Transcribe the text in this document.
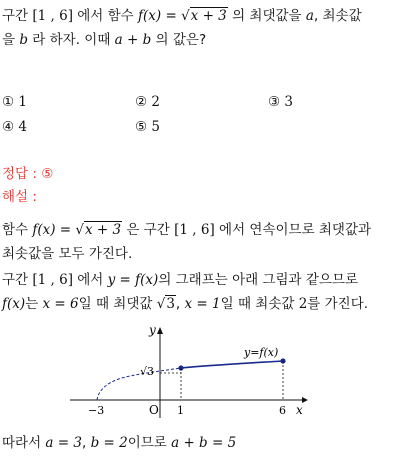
구간 [1 , 6] 에서 함수 f(x) = √x + 3 의 최댓값을 a, 최솟값
을 b 라 하자. 이때 a + b 의 값은?
① 1	② 2	③ 3
④ 4	⑤ 5
정답 : ⑤
해설 :
함수 f(x) = √x + 3 은 구간 [1 , 6] 에서 연속이므로 최댓값과
최솟값을 모두 가진다.
구간 [1 , 6] 에서 y = f(x)의 그래프는 아래 그림과 같으므로
f(x)는 x = 6일 때 최댓값 √3, x = 1일 때 최솟값 2를 가진다.
y
x
O
√3
−3	1	6
y=f(x)
따라서 a = 3, b = 2이므로 a + b = 5
